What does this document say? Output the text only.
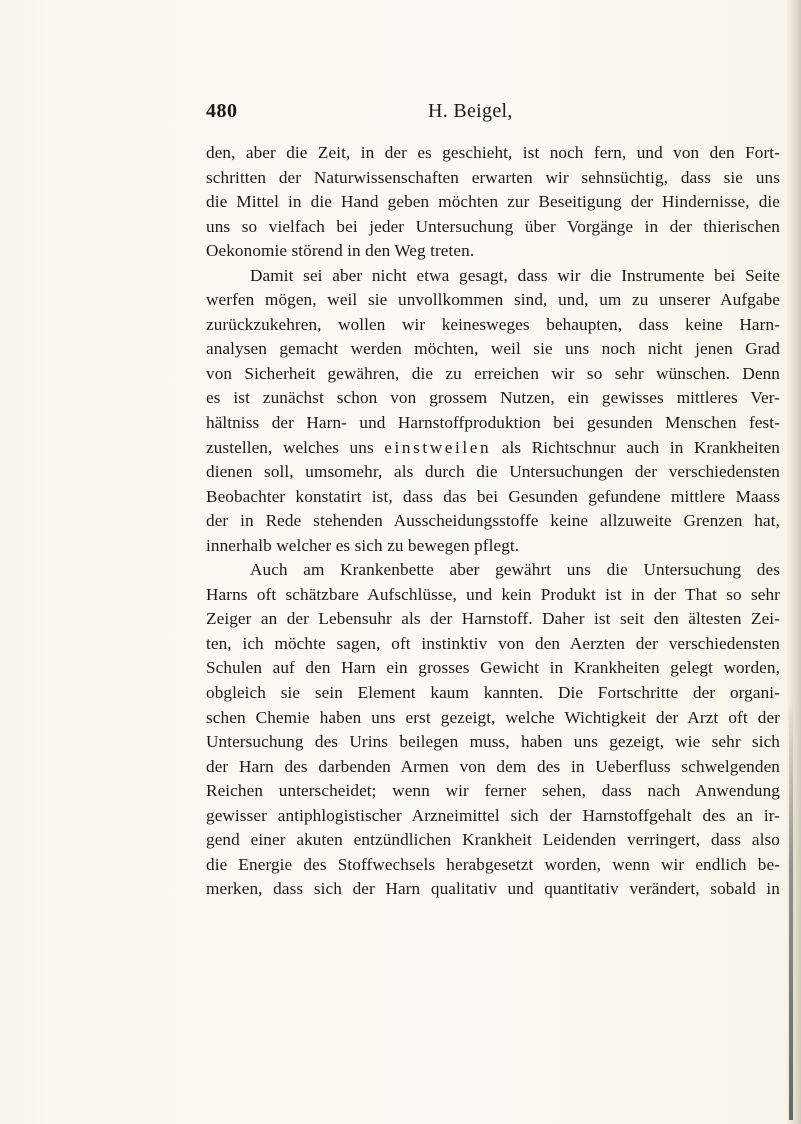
480	H. Beigel,
den, aber die Zeit, in der es geschieht, ist noch fern, und von den Fort-
schritten der Naturwissenschaften erwarten wir sehnsüchtig, dass sie uns
die Mittel in die Hand geben möchten zur Beseitigung der Hindernisse, die
uns so vielfach bei jeder Untersuchung über Vorgänge in der thierischen
Oekonomie störend in den Weg treten.
Damit sei aber nicht etwa gesagt, dass wir die Instrumente bei Seite
werfen mögen, weil sie unvollkommen sind, und, um zu unserer Aufgabe
zurückzukehren, wollen wir keinesweges behaupten, dass keine Harn-
analysen gemacht werden möchten, weil sie uns noch nicht jenen Grad
von Sicherheit gewähren, die zu erreichen wir so sehr wünschen. Denn
es ist zunächst schon von grossem Nutzen, ein gewisses mittleres Ver-
hältniss der Harn- und Harnstoffproduktion bei gesunden Menschen fest-
zustellen, welches uns einstweilen als Richtschnur auch in Krankheiten
dienen soll, umsomehr, als durch die Untersuchungen der verschiedensten
Beobachter konstatirt ist, dass das bei Gesunden gefundene mittlere Maass
der in Rede stehenden Ausscheidungsstoffe keine allzuweite Grenzen hat,
innerhalb welcher es sich zu bewegen pflegt.
Auch am Krankenbette aber gewährt uns die Untersuchung des
Harns oft schätzbare Aufschlüsse, und kein Produkt ist in der That so sehr
Zeiger an der Lebensuhr als der Harnstoff. Daher ist seit den ältesten Zei-
ten, ich möchte sagen, oft instinktiv von den Aerzten der verschiedensten
Schulen auf den Harn ein grosses Gewicht in Krankheiten gelegt worden,
obgleich sie sein Element kaum kannten. Die Fortschritte der organi-
schen Chemie haben uns erst gezeigt, welche Wichtigkeit der Arzt oft der
Untersuchung des Urins beilegen muss, haben uns gezeigt, wie sehr sich
der Harn des darbenden Armen von dem des in Ueberfluss schwelgenden
Reichen unterscheidet; wenn wir ferner sehen, dass nach Anwendung
gewisser antiphlogistischer Arzneimittel sich der Harnstoffgehalt des an ir-
gend einer akuten entzündlichen Krankheit Leidenden verringert, dass also
die Energie des Stoffwechsels herabgesetzt worden, wenn wir endlich be-
merken, dass sich der Harn qualitativ und quantitativ verändert, sobald in
